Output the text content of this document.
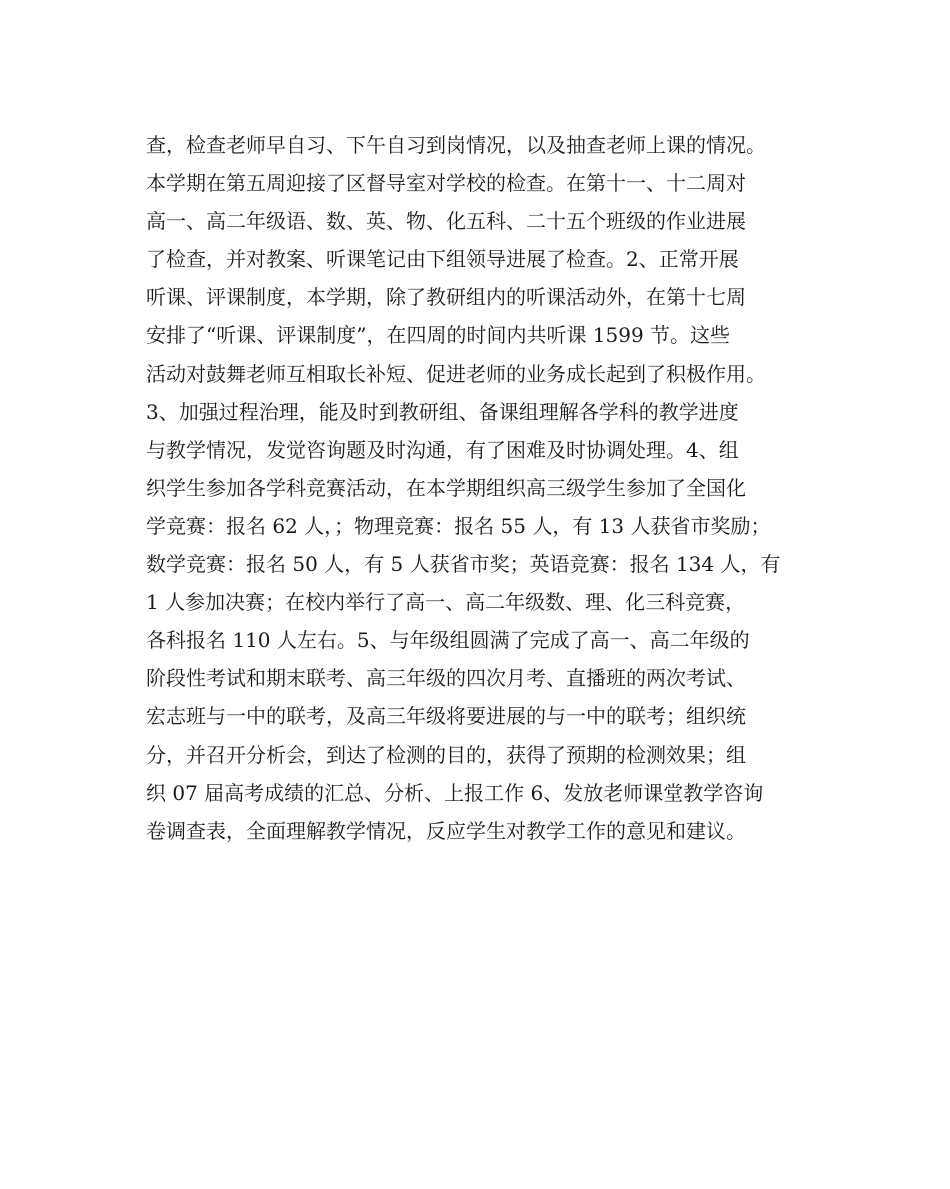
查，检查老师早自习、下午自习到岗情况，以及抽查老师上课的情况。
本学期在第五周迎接了区督导室对学校的检查。在第十一、十二周对
高一、高二年级语、数、英、物、化五科、二十五个班级的作业进展
了检查，并对教案、听课笔记由下组领导进展了检查。2、正常开展
听课、评课制度，本学期，除了教研组内的听课活动外，在第十七周
安排了“听课、评课制度”，在四周的时间内共听课 1599 节。这些
活动对鼓舞老师互相取长补短、促进老师的业务成长起到了积极作用。
3、加强过程治理，能及时到教研组、备课组理解各学科的教学进度
与教学情况，发觉咨询题及时沟通，有了困难及时协调处理。4、组
织学生参加各学科竞赛活动，在本学期组织高三级学生参加了全国化
学竞赛：报名 62 人，；物理竞赛：报名 55 人，有 13 人获省市奖励；
数学竞赛：报名 50 人，有 5 人获省市奖；英语竞赛：报名 134 人，有
1 人参加决赛；在校内举行了高一、高二年级数、理、化三科竞赛，
各科报名 110 人左右。5、与年级组圆满了完成了高一、高二年级的
阶段性考试和期末联考、高三年级的四次月考、直播班的两次考试、
宏志班与一中的联考，及高三年级将要进展的与一中的联考；组织统
分，并召开分析会，到达了检测的目的，获得了预期的检测效果；组
织 07 届高考成绩的汇总、分析、上报工作 6、发放老师课堂教学咨询
卷调查表，全面理解教学情况，反应学生对教学工作的意见和建议。
